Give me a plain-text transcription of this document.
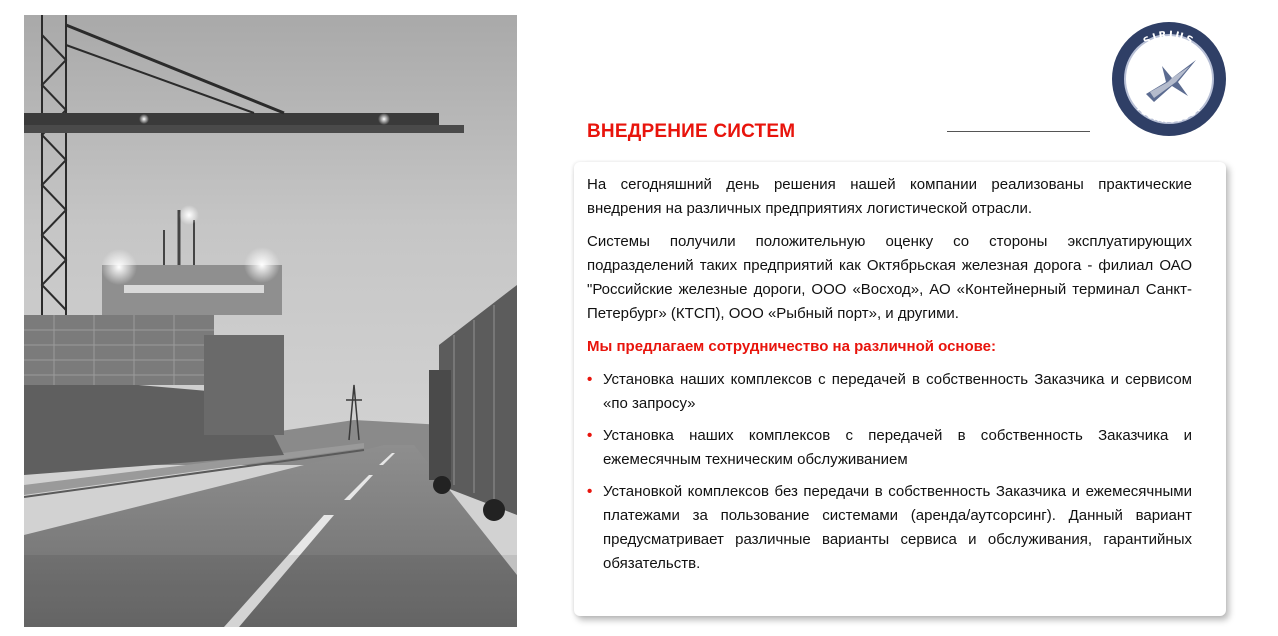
SIRIUS
TECHNOLOGY
ВНЕДРЕНИЕ СИСТЕМ

На сегодняшний день решения нашей компании реализованы практические внедрения на различных предприятиях логистической отрасли.

Системы получили положительную оценку со стороны эксплуатирующих подразделений таких предприятий как Октябрьская железная дорога - филиал ОАО "Российские железные дороги, ООО «Восход», АО «Контейнерный терминал Санкт-Петербург» (КТСП), ООО «Рыбный порт», и другими.

Мы предлагаем сотрудничество на различной основе:
• Установка наших комплексов с передачей в собственность Заказчика и сервисом «по запросу»
• Установка наших комплексов с передачей в собственность Заказчика и ежемесячным техническим обслуживанием
• Установкой комплексов без передачи в собственность Заказчика и ежемесячными платежами за пользование системами (аренда/аутсорсинг). Данный вариант предусматривает различные варианты сервиса и обслуживания, гарантийных обязательств.
